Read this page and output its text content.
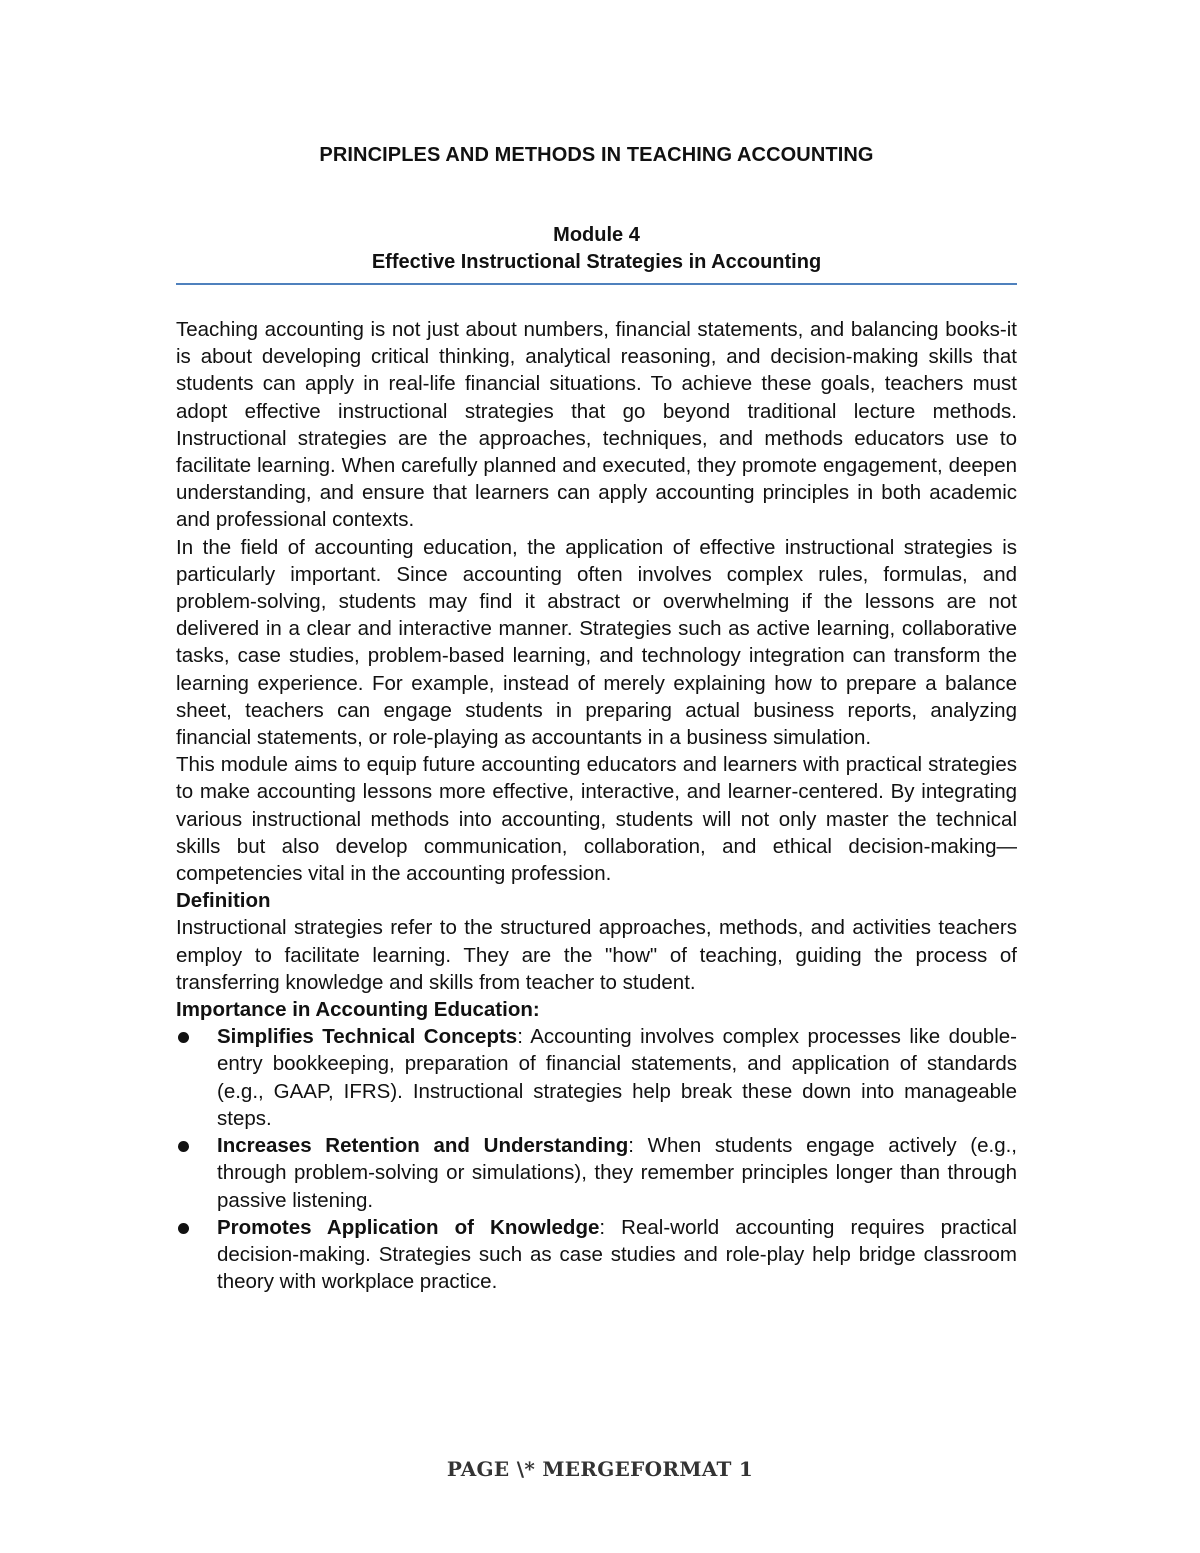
PRINCIPLES AND METHODS IN TEACHING ACCOUNTING
Module 4
Effective Instructional Strategies in Accounting

Teaching accounting is not just about numbers, financial statements, and balancing books-it is about developing critical thinking, analytical reasoning, and decision-making skills that students can apply in real-life financial situations. To achieve these goals, teachers must adopt effective instructional strategies that go beyond traditional lecture methods. Instructional strategies are the approaches, techniques, and methods educators use to facilitate learning. When carefully planned and executed, they promote engagement, deepen understanding, and ensure that learners can apply accounting principles in both academic and professional contexts.

In the field of accounting education, the application of effective instructional strategies is particularly important. Since accounting often involves complex rules, formulas, and problem-solving, students may find it abstract or overwhelming if the lessons are not delivered in a clear and interactive manner. Strategies such as active learning, collaborative tasks, case studies, problem-based learning, and technology integration can transform the learning experience. For example, instead of merely explaining how to prepare a balance sheet, teachers can engage students in preparing actual business reports, analyzing financial statements, or role-playing as accountants in a business simulation.

This module aims to equip future accounting educators and learners with practical strategies to make accounting lessons more effective, interactive, and learner-centered. By integrating various instructional methods into accounting, students will not only master the technical skills but also develop communication, collaboration, and ethical decision-making—competencies vital in the accounting profession.

Definition

Instructional strategies refer to the structured approaches, methods, and activities teachers employ to facilitate learning. They are the "how" of teaching, guiding the process of transferring knowledge and skills from teacher to student.

Importance in Accounting Education:

Simplifies Technical Concepts: Accounting involves complex processes like double-entry bookkeeping, preparation of financial statements, and application of standards (e.g., GAAP, IFRS). Instructional strategies help break these down into manageable steps.
Increases Retention and Understanding: When students engage actively (e.g., through problem-solving or simulations), they remember principles longer than through passive listening.
Promotes Application of Knowledge: Real-world accounting requires practical decision-making. Strategies such as case studies and role-play help bridge classroom theory with workplace practice.
PAGE \* MERGEFORMAT 1
